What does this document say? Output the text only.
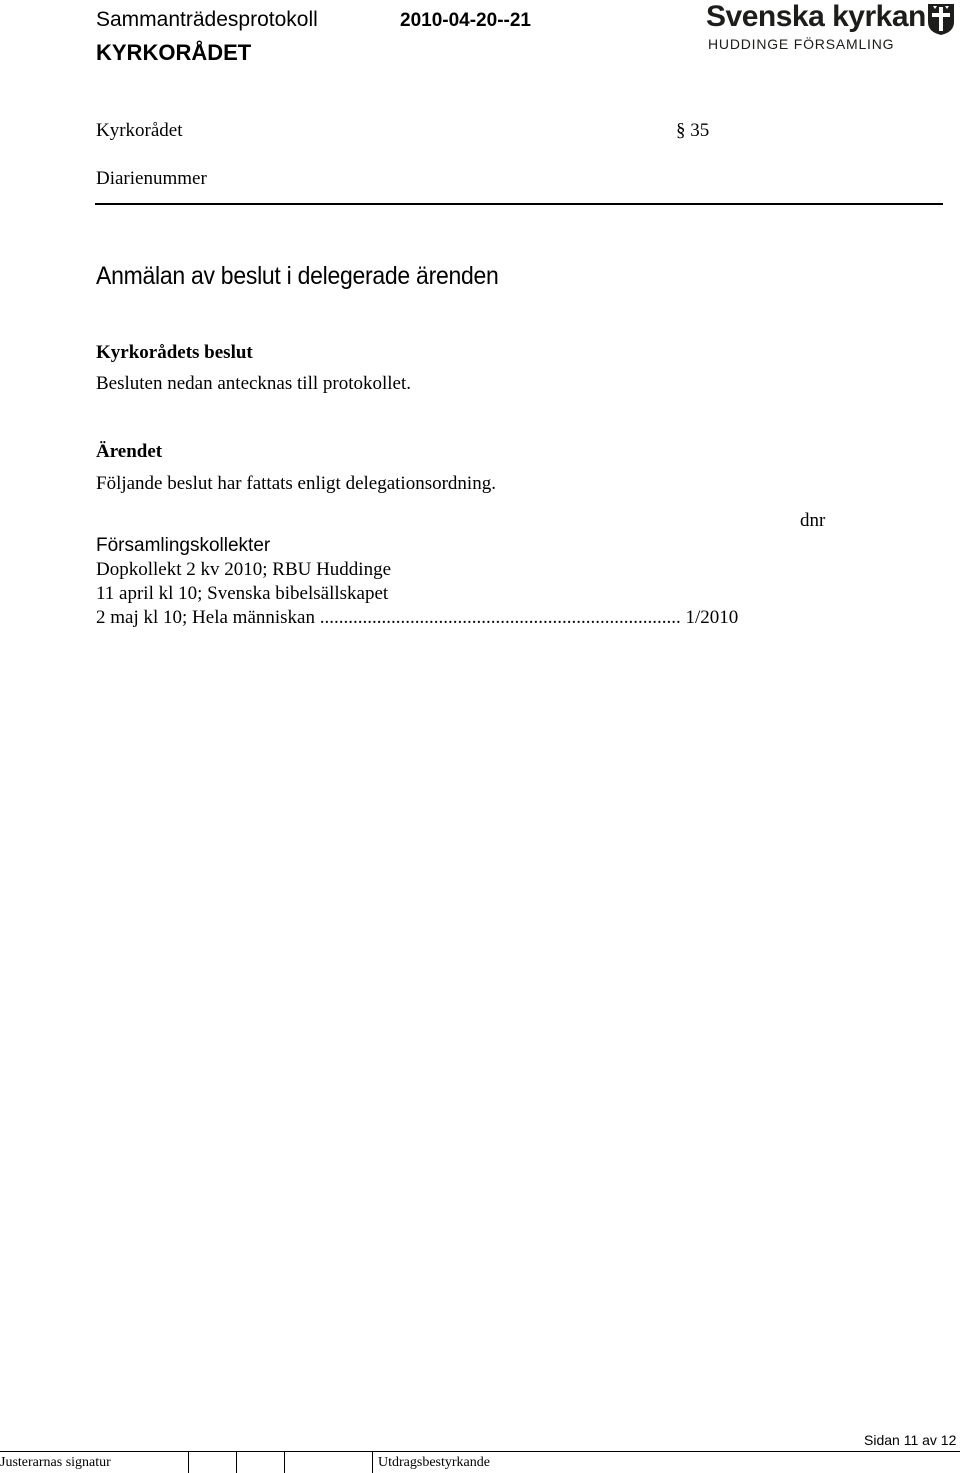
Sammanträdesprotokoll	2010-04-20--21
KYRKORÅDET
Svenska kyrkan
HUDDINGE FÖRSAMLING
Kyrkorådet	§ 35
Diarienummer
Anmälan av beslut i delegerade ärenden
Kyrkorådets beslut
Besluten nedan antecknas till protokollet.
Ärendet
Följande beslut har fattats enligt delegationsordning.
dnr
Församlingskollekter
Dopkollekt 2 kv 2010; RBU Huddinge
11 april kl 10; Svenska bibelsällskapet
2 maj kl 10; Hela människan ............................................................................ 1/2010
Sidan 11 av 12
Justerarnas signatur	Utdragsbestyrkande
